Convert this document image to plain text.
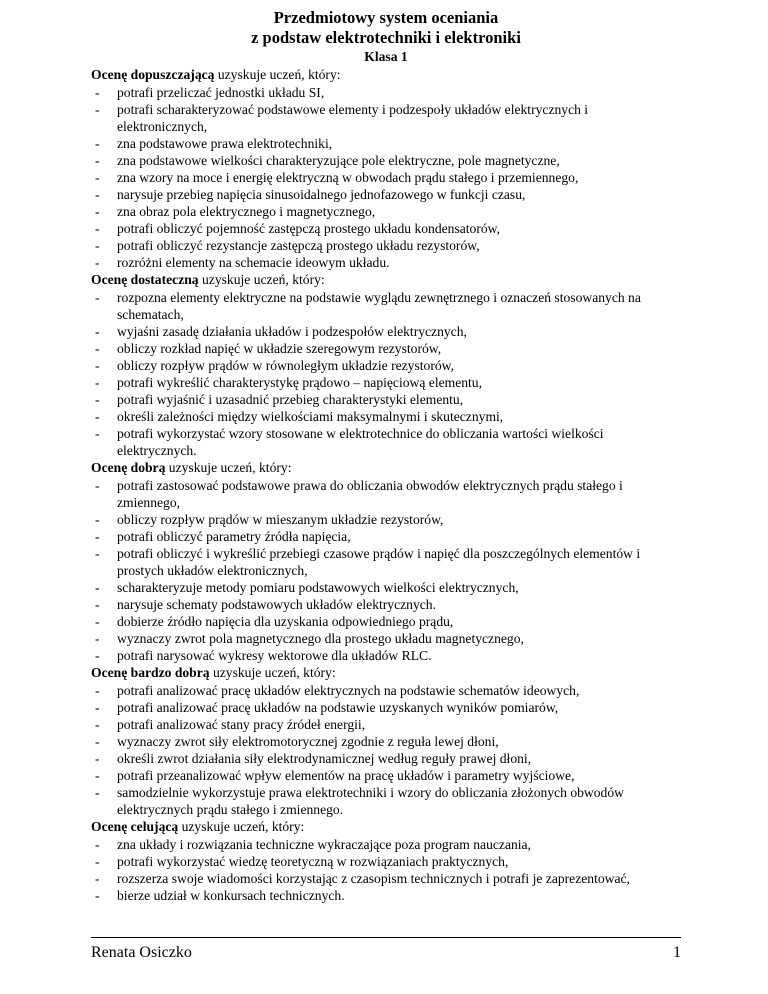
Przedmiotowy system oceniania

z podstaw elektrotechniki i elektroniki

Klasa 1

Ocenę dopuszczającą uzyskuje uczeń, który:

-	potrafi przeliczać jednostki układu SI,
-	potrafi scharakteryzować podstawowe elementy i podzespoły układów elektrycznych i elektronicznych,
-	zna podstawowe prawa elektrotechniki,
-	zna podstawowe wielkości charakteryzujące pole elektryczne, pole magnetyczne,
-	zna wzory na moce i energię elektryczną w obwodach prądu stałego i przemiennego,
-	narysuje przebieg napięcia sinusoidalnego jednofazowego w funkcji czasu,
-	zna obraz pola elektrycznego i magnetycznego,
-	potrafi obliczyć pojemność zastępczą prostego układu kondensatorów,
-	potrafi obliczyć rezystancje zastępczą prostego układu rezystorów,
-	rozróżni elementy na schemacie ideowym układu.

Ocenę dostateczną uzyskuje uczeń, który:

-	rozpozna elementy elektryczne na podstawie wyglądu zewnętrznego i oznaczeń stosowanych na schematach,
-	wyjaśni zasadę działania układów i podzespołów elektrycznych,
-	obliczy rozkład napięć w układzie szeregowym rezystorów,
-	obliczy rozpływ prądów w równoległym układzie rezystorów,
-	potrafi wykreślić charakterystykę prądowo – napięciową elementu,
-	potrafi wyjaśnić i uzasadnić przebieg charakterystyki elementu,
-	określi zależności między wielkościami maksymalnymi i skutecznymi,
-	potrafi wykorzystać wzory stosowane w elektrotechnice do obliczania wartości wielkości elektrycznych.

Ocenę dobrą uzyskuje uczeń, który:

-	potrafi zastosować podstawowe prawa do obliczania obwodów elektrycznych prądu stałego i zmiennego,
-	obliczy rozpływ prądów w mieszanym układzie rezystorów,
-	potrafi obliczyć parametry źródła napięcia,
-	potrafi obliczyć i wykreślić przebiegi czasowe prądów i napięć dla poszczególnych elementów i prostych układów elektronicznych,
-	scharakteryzuje metody pomiaru podstawowych wielkości elektrycznych,
-	narysuje schematy podstawowych układów elektrycznych.
-	dobierze źródło napięcia dla uzyskania odpowiedniego prądu,
-	wyznaczy zwrot pola magnetycznego dla prostego układu magnetycznego,
-	potrafi narysować wykresy wektorowe dla układów RLC.

Ocenę bardzo dobrą uzyskuje uczeń, który:

-	potrafi analizować pracę układów elektrycznych na podstawie schematów ideowych,
-	potrafi analizować pracę układów na podstawie uzyskanych wyników pomiarów,
-	potrafi analizować stany pracy źródeł energii,
-	wyznaczy zwrot siły elektromotorycznej zgodnie z reguła lewej dłoni,
-	określi zwrot działania siły elektrodynamicznej według reguły prawej dłoni,
-	potrafi przeanalizować wpływ elementów na pracę układów i parametry wyjściowe,
-	samodzielnie wykorzystuje prawa elektrotechniki i wzory do obliczania złożonych obwodów elektrycznych prądu stałego i zmiennego.

Ocenę celującą uzyskuje uczeń, który:

-	zna układy i rozwiązania techniczne wykraczające poza program nauczania,
-	potrafi wykorzystać wiedzę teoretyczną w rozwiązaniach praktycznych,
-	rozszerza swoje wiadomości korzystając z czasopism technicznych i potrafi je zaprezentować,
-	bierze udział w konkursach technicznych.
Renata Osiczko	1
